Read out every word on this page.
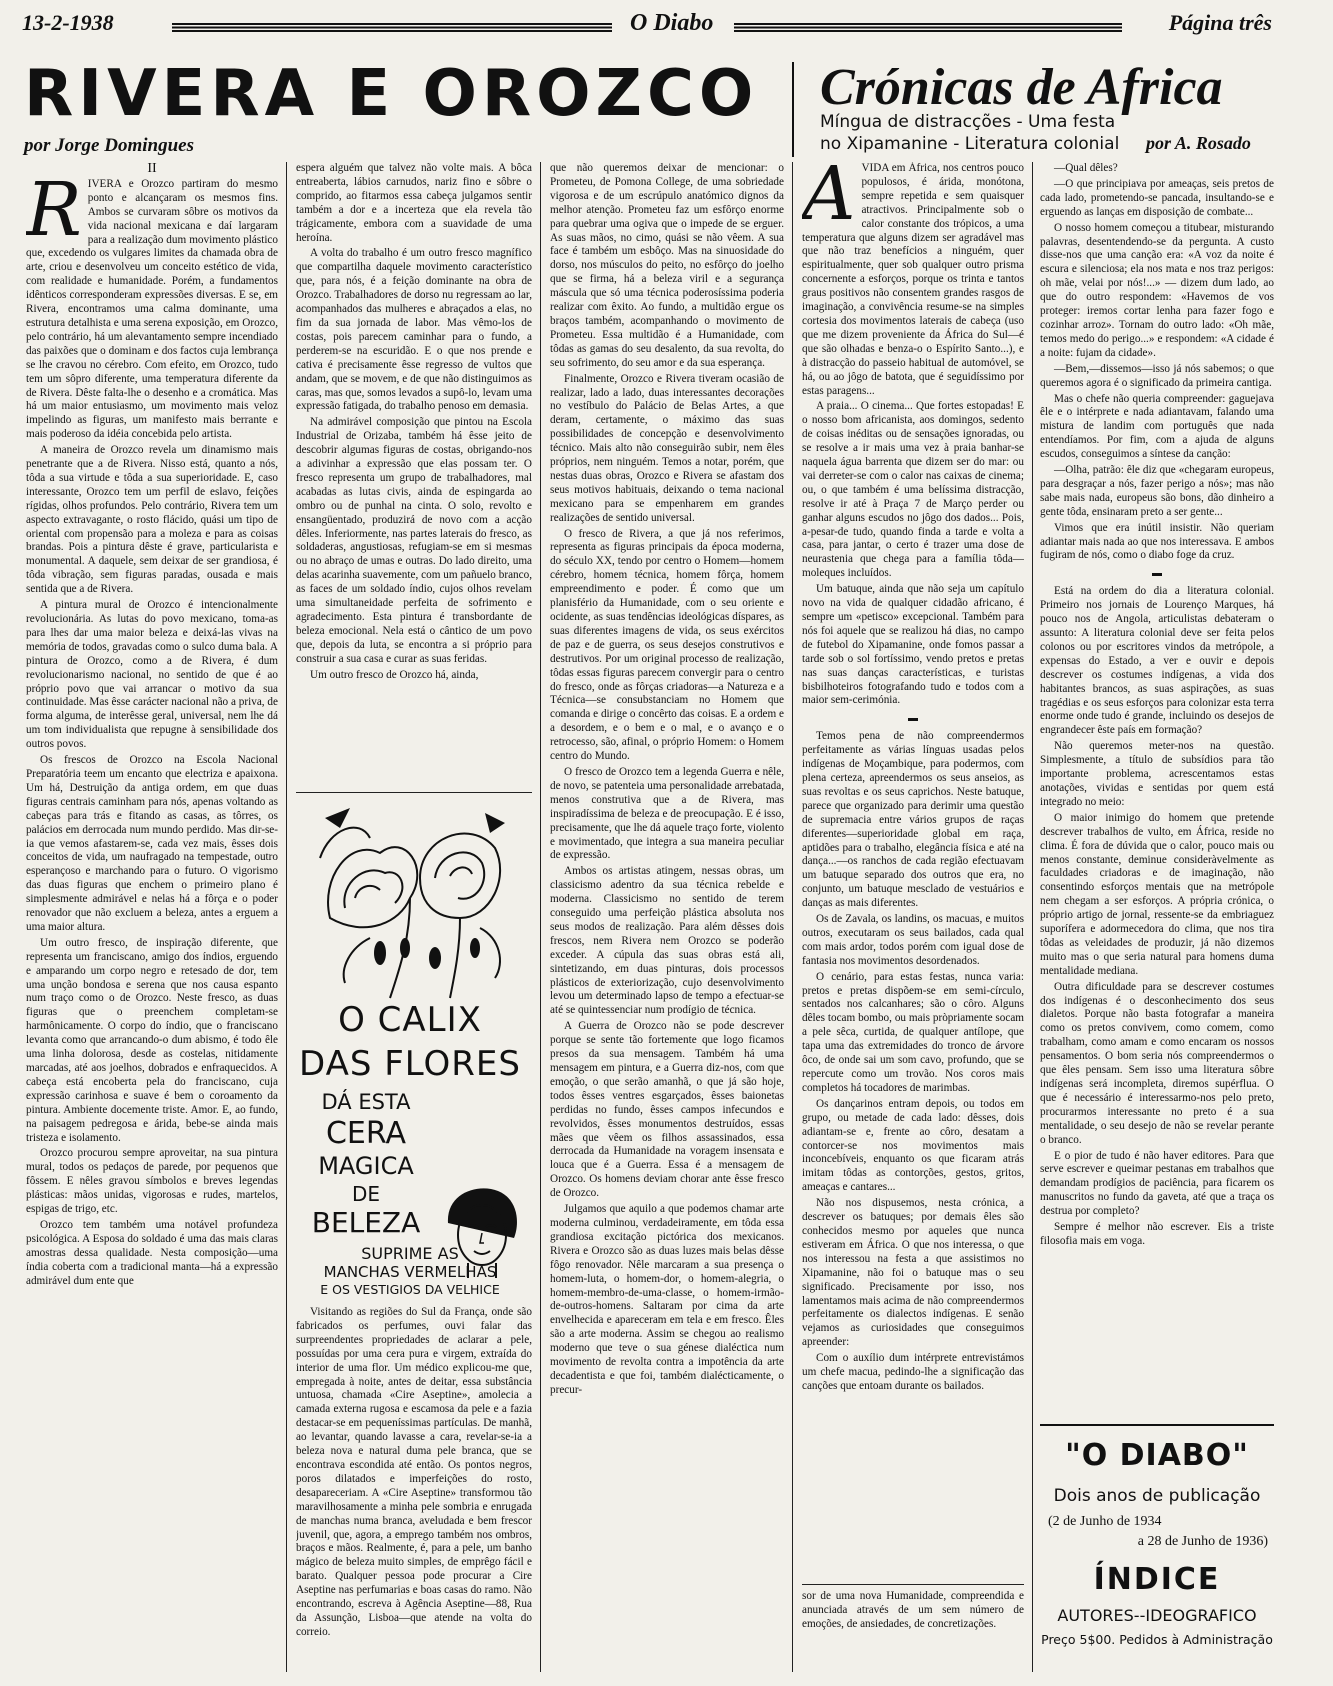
13-2-1938	O Diabo	Página três
RIVERA E OROZCO
por Jorge Domingues
Crónicas de Africa
Míngua de distracções - Uma festa
no Xipamanine - Literatura colonial por A. Rosado
II
R IVERA e Orozco partiram do mesmo ponto e alcançaram os mesmos fins. Ambos se curvaram sôbre os motivos da vida nacional mexicana e daí largaram para a realização dum movimento plástico que, excedendo os vulgares limites da chamada obra de arte, criou e desenvolveu um conceito estético de vida, com realidade e humanidade. Porém, a fundamentos idênticos corresponderam expressões diversas. E se, em Rivera, encontramos uma calma dominante, uma estrutura detalhista e uma serena exposição, em Orozco, pelo contrário, há um alevantamento sempre incendiado das paixões que o dominam e dos factos cuja lembrança se lhe cravou no cérebro. Com efeito, em Orozco, tudo tem um sôpro diferente, uma temperatura diferente da de Rivera. Dêste falta-lhe o desenho e a cromática. Mas há um maior entusiasmo, um movimento mais veloz impelindo as figuras, um manifesto mais berrante e mais poderoso da idéia concebida pelo artista.

A maneira de Orozco revela um dinamismo mais penetrante que a de Rivera. Nisso está, quanto a nós, tôda a sua virtude e tôda a sua superioridade. E, caso interessante, Orozco tem um perfil de eslavo, feições rígidas, olhos profundos. Pelo contrário, Rivera tem um aspecto extravagante, o rosto flácido, quási um tipo de oriental com propensão para a moleza e para as coisas brandas. Pois a pintura dêste é grave, particularista e monumental. A daquele, sem deixar de ser grandiosa, é tôda vibração, sem figuras paradas, ousada e mais sentida que a de Rivera.

A pintura mural de Orozco é intencionalmente revolucionária. As lutas do povo mexicano, toma-as para lhes dar uma maior beleza e deixá-las vivas na memória de todos, gravadas como o sulco duma bala. A pintura de Orozco, como a de Rivera, é dum revolucionarismo nacional, no sentido de que é ao próprio povo que vai arrancar o motivo da sua continuidade. Mas êsse carácter nacional não a priva, de forma alguma, de interêsse geral, universal, nem lhe dá um tom individualista que repugne à sensibilidade dos outros povos.

Os frescos de Orozco na Escola Nacional Preparatória teem um encanto que electriza e apaixona. Um há, Destruição da antiga ordem, em que duas figuras centrais caminham para nós, apenas voltando as cabeças para trás e fitando as casas, as tôrres, os palácios em derrocada num mundo perdido. Mas dir-se-ia que vemos afastarem-se, cada vez mais, êsses dois conceitos de vida, um naufragado na tempestade, outro esperançoso e marchando para o futuro. O vigorismo das duas figuras que enchem o primeiro plano é simplesmente admirável e nelas há a fôrça e o poder renovador que não excluem a beleza, antes a erguem a uma maior altura.

Um outro fresco, de inspiração diferente, que representa um franciscano, amigo dos índios, erguendo e amparando um corpo negro e retesado de dor, tem uma unção bondosa e serena que nos causa espanto num traço como o de Orozco. Neste fresco, as duas figuras que o preenchem completam-se harmônicamente. O corpo do índio, que o franciscano levanta como que arrancando-o dum abismo, é todo êle uma linha dolorosa, desde as costelas, nitidamente marcadas, até aos joelhos, dobrados e enfraquecidos. A cabeça está encoberta pela do franciscano, cuja expressão carinhosa e suave é bem o coroamento da pintura. Ambiente docemente triste. Amor. E, ao fundo, na paisagem pedregosa e árida, bebe-se ainda mais tristeza e isolamento.

Orozco procurou sempre aproveitar, na sua pintura mural, todos os pedaços de parede, por pequenos que fôssem. E nêles gravou símbolos e breves legendas plásticas: mãos unidas, vigorosas e rudes, martelos, espigas de trigo, etc.

Orozco tem também uma notável profundeza psicológica. A Esposa do soldado é uma das mais claras amostras dessa qualidade. Nesta composição—uma índia coberta com a tradicional manta—há a expressão admirável dum ente que

espera alguém que talvez não volte mais. A bôca entreaberta, lábios carnudos, nariz fino e sôbre o comprido, ao fitarmos essa cabeça julgamos sentir também a dor e a incerteza que ela revela tão trágicamente, embora com a suavidade de uma heroína.

A volta do trabalho é um outro fresco magnífico que compartilha daquele movimento característico que, para nós, é a feição dominante na obra de Orozco. Trabalhadores de dorso nu regressam ao lar, acompanhados das mulheres e abraçados a elas, no fim da sua jornada de labor. Mas vêmo-los de costas, pois parecem caminhar para o fundo, a perderem-se na escuridão. E o que nos prende e cativa é precisamente êsse regresso de vultos que andam, que se movem, e de que não distinguimos as caras, mas que, somos levados a supô-lo, levam uma expressão fatigada, do trabalho penoso em demasia.

Na admirável composição que pintou na Escola Industrial de Orizaba, também há êsse jeito de descobrir algumas figuras de costas, obrigando-nos a adivinhar a expressão que elas possam ter. O fresco representa um grupo de trabalhadores, mal acabadas as lutas civis, ainda de espingarda ao ombro ou de punhal na cinta. O solo, revolto e ensangüentado, produzirá de novo com a acção dêles. Inferiormente, nas partes laterais do fresco, as soldaderas, angustiosas, refugiam-se em si mesmas ou no abraço de umas e outras. Do lado direito, uma delas acarinha suavemente, com um pañuelo branco, as faces de um soldado índio, cujos olhos revelam uma simultaneidade perfeita de sofrimento e agradecimento. Esta pintura é transbordante de beleza emocional. Nela está o cântico de um povo que, depois da luta, se encontra a si próprio para construir a sua casa e curar as suas feridas.

Um outro fresco de Orozco há, ainda,

O CALIX
DAS FLORES
DÁ ESTA
CERA
MAGICA
DE
BELEZA
SUPRIME AS
MANCHAS VERMELHAS
E OS VESTIGIOS DA VELHICE

Visitando as regiões do Sul da França, onde são fabricados os perfumes, ouvi falar das surpreendentes propriedades de aclarar a pele, possuídas por uma cera pura e virgem, extraída do interior de uma flor. Um médico explicou-me que, empregada à noite, antes de deitar, essa substância untuosa, chamada «Cire Aseptine», amolecia a camada externa rugosa e escamosa da pele e a fazia destacar-se em pequeníssimas partículas. De manhã, ao levantar, quando lavasse a cara, revelar-se-ia a beleza nova e natural duma pele branca, que se encontrava escondida até então. Os pontos negros, poros dilatados e imperfeições do rosto, desapareceriam. A «Cire Aseptine» transformou tão maravilhosamente a minha pele sombria e enrugada de manchas numa branca, aveludada e bem frescor juvenil, que, agora, a emprego também nos ombros, braços e mãos. Realmente, é, para a pele, um banho mágico de beleza muito simples, de emprêgo fácil e barato. Qualquer pessoa pode procurar a Cire Aseptine nas perfumarias e boas casas do ramo. Não encontrando, escreva à Agência Aseptine—88, Rua da Assunção, Lisboa—que atende na volta do correio.

que não queremos deixar de mencionar: o Prometeu, de Pomona College, de uma sobriedade vigorosa e de um escrúpulo anatómico dignos da melhor atenção. Prometeu faz um esfôrço enorme para quebrar uma ogiva que o impede de se erguer. As suas mãos, no cimo, quási se não vêem. A sua face é também um esbôço. Mas na sinuosidade do dorso, nos músculos do peito, no esfôrço do joelho que se firma, há a beleza viril e a segurança máscula que só uma técnica poderosíssima poderia realizar com êxito. Ao fundo, a multidão ergue os braços também, acompanhando o movimento de Prometeu. Essa multidão é a Humanidade, com tôdas as gamas do seu desalento, da sua revolta, do seu sofrimento, do seu amor e da sua esperança.

Finalmente, Orozco e Rivera tiveram ocasião de realizar, lado a lado, duas interessantes decorações no vestíbulo do Palácio de Belas Artes, a que deram, certamente, o máximo das suas possibilidades de concepção e desenvolvimento técnico. Mais alto não conseguirão subir, nem êles próprios, nem ninguém. Temos a notar, porém, que nestas duas obras, Orozco e Rivera se afastam dos seus motivos habituais, deixando o tema nacional mexicano para se empenharem em grandes realizações de sentido universal.

O fresco de Rivera, a que já nos referimos, representa as figuras principais da época moderna, do século XX, tendo por centro o Homem—homem cérebro, homem técnica, homem fôrça, homem empreendimento e poder. É como que um planisfério da Humanidade, com o seu oriente e ocidente, as suas tendências ideológicas díspares, as suas diferentes imagens de vida, os seus exércitos de paz e de guerra, os seus desejos construtivos e destrutivos. Por um original processo de realização, tôdas essas figuras parecem convergir para o centro do fresco, onde as fôrças criadoras—a Natureza e a Técnica—se consubstanciam no Homem que comanda e dirige o concêrto das coisas. E a ordem e a desordem, e o bem e o mal, e o avanço e o retrocesso, são, afinal, o próprio Homem: o Homem centro do Mundo.

O fresco de Orozco tem a legenda Guerra e nêle, de novo, se patenteia uma personalidade arrebatada, menos construtiva que a de Rivera, mas inspiradíssima de beleza e de preocupação. E é isso, precisamente, que lhe dá aquele traço forte, violento e movimentado, que integra a sua maneira peculiar de expressão.

Ambos os artistas atingem, nessas obras, um classicismo adentro da sua técnica rebelde e moderna. Classicismo no sentido de terem conseguido uma perfeição plástica absoluta nos seus modos de realização. Para além dêsses dois frescos, nem Rivera nem Orozco se poderão exceder. A cúpula das suas obras está ali, sintetizando, em duas pinturas, dois processos plásticos de exteriorização, cujo desenvolvimento levou um determinado lapso de tempo a efectuar-se até se quintessenciar num prodígio de técnica.

A Guerra de Orozco não se pode descrever porque se sente tão fortemente que logo ficamos presos da sua mensagem. Também há uma mensagem em pintura, e a Guerra diz-nos, com que emoção, o que serão amanhã, o que já são hoje, todos êsses ventres esgarçados, êsses baionetas perdidas no fundo, êsses campos infecundos e revolvidos, êsses monumentos destruídos, essas mães que vêem os filhos assassinados, essa derrocada da Humanidade na voragem insensata e louca que é a Guerra. Essa é a mensagem de Orozco. Os homens deviam chorar ante êsse fresco de Orozco.

Julgamos que aquilo a que podemos chamar arte moderna culminou, verdadeiramente, em tôda essa grandiosa excitação pictórica dos mexicanos. Rivera e Orozco são as duas luzes mais belas dêsse fôgo renovador. Nêle marcaram a sua presença o homem-luta, o homem-dor, o homem-alegria, o homem-membro-de-uma-classe, o homem-irmão-de-outros-homens. Saltaram por cima da arte envelhecida e apareceram em tela e em fresco. Êles são a arte moderna. Assim se chegou ao realismo moderno que teve o sua génese dialéctica num movimento de revolta contra a impotência da arte decadentista e que foi, também dialécticamente, o precur-

A VIDA em África, nos centros pouco populosos, é árida, monótona, sempre repetida e sem quaisquer atractivos. Principalmente sob o calor constante dos trópicos, a uma temperatura que alguns dizem ser agradável mas que não traz benefícios a ninguém, quer espiritualmente, quer sob qualquer outro prisma concernente a esforços, porque os trinta e tantos graus positivos não consentem grandes rasgos de imaginação, a convivência resume-se na simples cortesia dos movimentos laterais de cabeça (uso que me dizem proveniente da África do Sul—é que são olhadas e benza-o o Espírito Santo...), e à distracção do passeio habitual de automóvel, se há, ou ao jôgo de batota, que é seguidíssimo por estas paragens...

A praia... O cinema... Que fortes estopadas! E o nosso bom africanista, aos domingos, sedento de coisas inéditas ou de sensações ignoradas, ou se resolve a ir mais uma vez à praia banhar-se naquela água barrenta que dizem ser do mar: ou vai derreter-se com o calor nas caixas de cinema; ou, o que também é uma belíssima distracção, resolve ir até à Praça 7 de Março perder ou ganhar alguns escudos no jôgo dos dados... Pois, a-pesar-de tudo, quando finda a tarde e volta a casa, para jantar, o certo é trazer uma dose de neurastenia que chega para a família tôda—moleques incluídos.

Um batuque, ainda que não seja um capítulo novo na vida de qualquer cidadão africano, é sempre um «petisco» excepcional. Também para nós foi aquele que se realizou há dias, no campo de futebol do Xipamanine, onde fomos passar a tarde sob o sol fortíssimo, vendo pretos e pretas nas suas danças características, e turistas bisbilhoteiros fotografando tudo e todos com a maior sem-cerimónia.

▬

Temos pena de não compreendermos perfeitamente as várias línguas usadas pelos indígenas de Moçambique, para podermos, com plena certeza, apreendermos os seus anseios, as suas revoltas e os seus caprichos. Neste batuque, parece que organizado para derimir uma questão de supremacia entre vários grupos de raças diferentes—superioridade global em raça, aptidões para o trabalho, elegância física e até na dança...—os ranchos de cada região efectuavam um batuque separado dos outros que era, no conjunto, um batuque mesclado de vestuários e danças as mais diferentes.

Os de Zavala, os landins, os macuas, e muitos outros, executaram os seus bailados, cada qual com mais ardor, todos porém com igual dose de fantasia nos movimentos desordenados.

O cenário, para estas festas, nunca varia: pretos e pretas dispõem-se em semi-círculo, sentados nos calcanhares; são o côro. Alguns dêles tocam bombo, ou mais pròpriamente socam a pele sêca, curtida, de qualquer antílope, que tapa uma das extremidades do tronco de árvore ôco, de onde sai um som cavo, profundo, que se repercute como um trovão. Nos coros mais completos há tocadores de marimbas.

Os dançarinos entram depois, ou todos em grupo, ou metade de cada lado: dêsses, dois adiantam-se e, frente ao côro, desatam a contorcer-se nos movimentos mais inconcebíveis, enquanto os que ficaram atrás imitam tôdas as contorções, gestos, gritos, ameaças e cantares...

Não nos dispusemos, nesta crónica, a descrever os batuques; por demais êles são conhecidos mesmo por aqueles que nunca estiveram em África. O que nos interessa, o que nos interessou na festa a que assistimos no Xipamanine, não foi o batuque mas o seu significado. Precisamente por isso, nos lamentamos mais acima de não compreendermos perfeitamente os dialectos indígenas. E senão vejamos as curiosidades que conseguimos apreender:

Com o auxílio dum intérprete entrevistámos um chefe macua, pedindo-lhe a significação das canções que entoam durante os bailados.

sor de uma nova Humanidade, compreendida e anunciada através de um sem número de emoções, de ansiedades, de concretizações.

—Qual dêles?

—O que principiava por ameaças, seis pretos de cada lado, prometendo-se pancada, insultando-se e erguendo as lanças em disposição de combate...

O nosso homem começou a titubear, misturando palavras, desentendendo-se da pergunta. A custo disse-nos que uma canção era: «A voz da noite é escura e silenciosa; ela nos mata e nos traz perigos: oh mãe, velai por nós!...» — dizem dum lado, ao que do outro respondem: «Havemos de vos proteger: iremos cortar lenha para fazer fogo e cozinhar arroz». Tornam do outro lado: «Oh mãe, temos medo do perigo...» e respondem: «A cidade é a noite: fujam da cidade».

—Bem,—dissemos—isso já nós sabemos; o que queremos agora é o significado da primeira cantiga.

Mas o chefe não queria compreender: gaguejava êle e o intérprete e nada adiantavam, falando uma mistura de landim com português que nada entendíamos. Por fim, com a ajuda de alguns escudos, conseguimos a síntese da canção:

—Olha, patrão: êle diz que «chegaram europeus, para desgraçar a nós, fazer perigo a nós»; mas não sabe mais nada, europeus são bons, dão dinheiro a gente tôda, ensinaram preto a ser gente...

Vimos que era inútil insistir. Não queriam adiantar mais nada ao que nos interessava. E ambos fugiram de nós, como o diabo foge da cruz.

▬

Está na ordem do dia a literatura colonial. Primeiro nos jornais de Lourenço Marques, há pouco nos de Angola, articulistas debateram o assunto: A literatura colonial deve ser feita pelos colonos ou por escritores vindos da metrópole, a expensas do Estado, a ver e ouvir e depois descrever os costumes indígenas, a vida dos habitantes brancos, as suas aspirações, as suas tragédias e os seus esforços para colonizar esta terra enorme onde tudo é grande, incluindo os desejos de engrandecer êste país em formação?

Não queremos meter-nos na questão. Simplesmente, a título de subsídios para tão importante problema, acrescentamos estas anotações, vividas e sentidas por quem está integrado no meio:

O maior inimigo do homem que pretende descrever trabalhos de vulto, em África, reside no clima. É fora de dúvida que o calor, pouco mais ou menos constante, deminue consideràvelmente as faculdades criadoras e de imaginação, não consentindo esforços mentais que na metrópole nem chegam a ser esforços. A própria crónica, o próprio artigo de jornal, ressente-se da embriaguez suporífera e adormecedora do clima, que nos tira tôdas as veleidades de produzir, já não dizemos muito mas o que seria natural para homens duma mentalidade mediana.

Outra dificuldade para se descrever costumes dos indígenas é o desconhecimento dos seus dialetos. Porque não basta fotografar a maneira como os pretos convivem, como comem, como trabalham, como amam e como encaram os nossos pensamentos. O bom seria nós compreendermos o que êles pensam. Sem isso uma literatura sôbre indígenas será incompleta, diremos supérflua. O que é necessário é interessarmo-nos pelo preto, procurarmos interessante no preto é a sua mentalidade, o seu desejo de não se revelar perante o branco.

E o pior de tudo é não haver editores. Para que serve escrever e queimar pestanas em trabalhos que demandam prodígios de paciência, para ficarem os manuscritos no fundo da gaveta, até que a traça os destrua por completo?

Sempre é melhor não escrever. Eis a triste filosofia mais em voga.

"O DIABO"
Dois anos de publicação
(2 de Junho de 1934
a 28 de Junho de 1936)
ÍNDICE
AUTORES--IDEOGRAFICO
Preço 5$00. Pedidos à Administração
